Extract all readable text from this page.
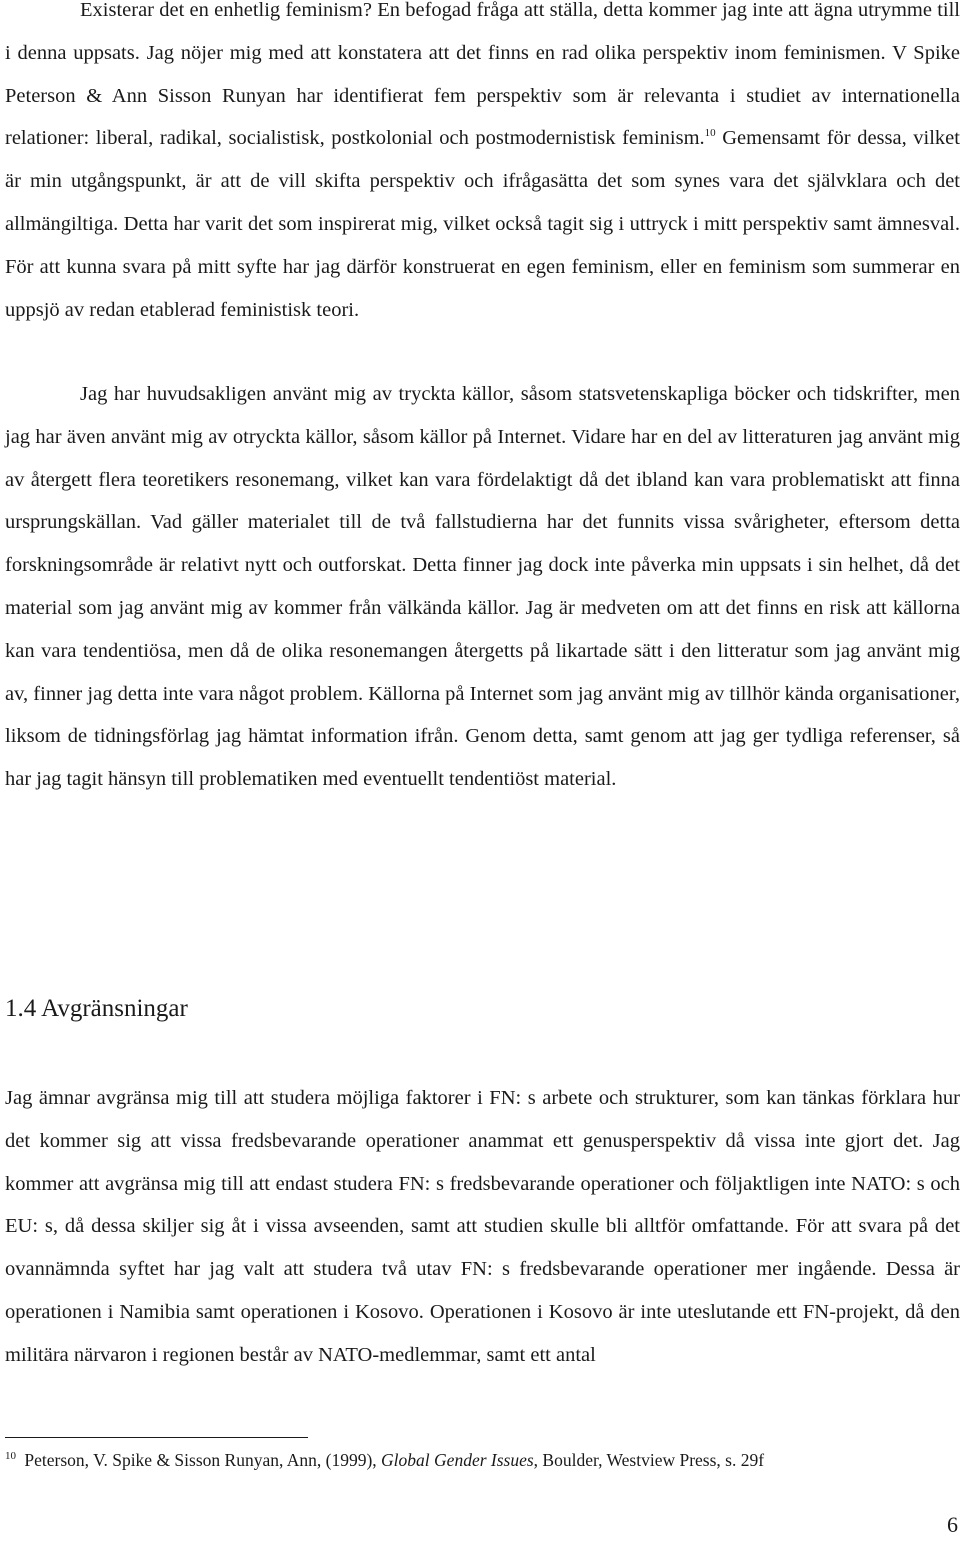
Existerar det en enhetlig feminism? En befogad fråga att ställa, detta kommer jag inte att ägna utrymme till i denna uppsats. Jag nöjer mig med att konstatera att det finns en rad olika perspektiv inom feminismen. V Spike Peterson & Ann Sisson Runyan har identifierat fem perspektiv som är relevanta i studiet av internationella relationer: liberal, radikal, socialistisk, postkolonial och postmodernistisk feminism.$^{10}$ Gemensamt för dessa, vilket är min utgångspunkt, är att de vill skifta perspektiv och ifrågasätta det som synes vara det självklara och det allmängiltiga. Detta har varit det som inspirerat mig, vilket också tagit sig i uttryck i mitt perspektiv samt ämnesval. För att kunna svara på mitt syfte har jag därför konstruerat en egen feminism, eller en feminism som summerar en uppsjö av redan etablerad feministisk teori.

Jag har huvudsakligen använt mig av tryckta källor, såsom statsvetenskapliga böcker och tidskrifter, men jag har även använt mig av otryckta källor, såsom källor på Internet. Vidare har en del av litteraturen jag använt mig av återgett flera teoretikers resonemang, vilket kan vara fördelaktigt då det ibland kan vara problematiskt att finna ursprungskällan. Vad gäller materialet till de två fallstudierna har det funnits vissa svårigheter, eftersom detta forskningsområde är relativt nytt och outforskat. Detta finner jag dock inte påverka min uppsats i sin helhet, då det material som jag använt mig av kommer från välkända källor. Jag är medveten om att det finns en risk att källorna kan vara tendentiösa, men då de olika resonemangen återgetts på likartade sätt i den litteratur som jag använt mig av, finner jag detta inte vara något problem. Källorna på Internet som jag använt mig av tillhör kända organisationer, liksom de tidningsförlag jag hämtat information ifrån. Genom detta, samt genom att jag ger tydliga referenser, så har jag tagit hänsyn till problematiken med eventuellt tendentiöst material.

1.4 Avgränsningar

Jag ämnar avgränsa mig till att studera möjliga faktorer i FN: s arbete och strukturer, som kan tänkas förklara hur det kommer sig att vissa fredsbevarande operationer anammat ett genusperspektiv då vissa inte gjort det. Jag kommer att avgränsa mig till att endast studera FN: s fredsbevarande operationer och följaktligen inte NATO: s och EU: s, då dessa skiljer sig åt i vissa avseenden, samt att studien skulle bli alltför omfattande. För att svara på det ovannämnda syftet har jag valt att studera två utav FN: s fredsbevarande operationer mer ingående. Dessa är operationen i Namibia samt operationen i Kosovo. Operationen i Kosovo är inte uteslutande ett FN-projekt, då den militära närvaron i regionen består av NATO-medlemmar, samt ett antal

$^{10}$ Peterson, V. Spike & Sisson Runyan, Ann, (1999), Global Gender Issues, Boulder, Westview Press, s. 29f

6
